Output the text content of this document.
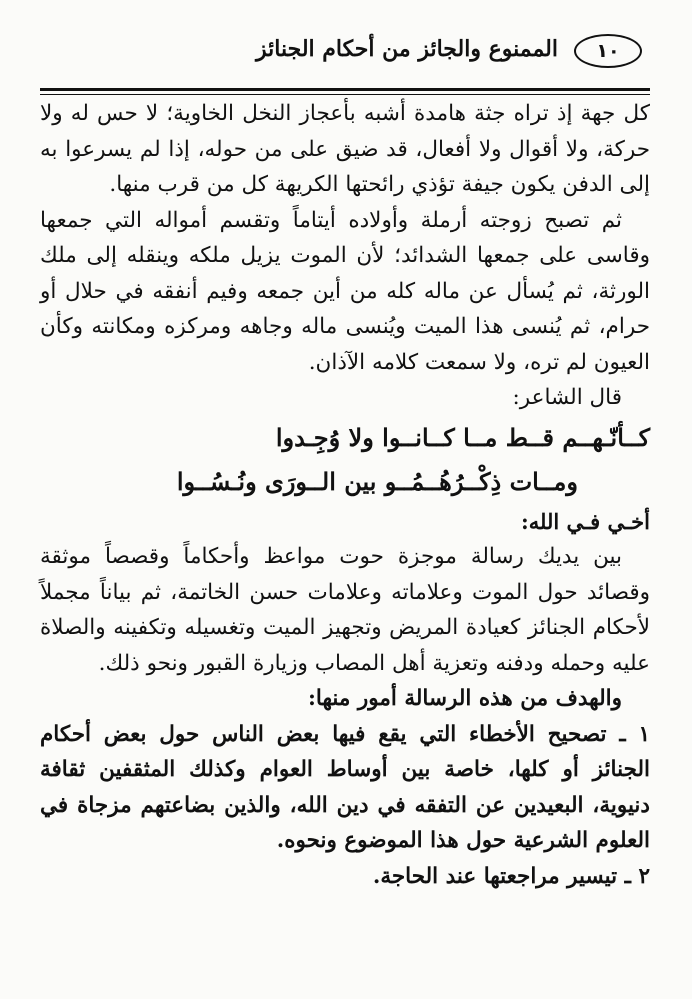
١٠
الممنوع والجائز من أحكام الجنائز

كل جهة إذ تراه جثة هامدة أشبه بأعجاز النخل الخاوية؛ لا حس له ولا حركة، ولا أقوال ولا أفعال، قد ضيق على من حوله، إذا لم يسرعوا به إلى الدفن يكون جيفة تؤذي رائحتها الكريهة كل من قرب منها.

ثم تصبح زوجته أرملة وأولاده أيتاماً وتقسم أمواله التي جمعها وقاسى على جمعها الشدائد؛ لأن الموت يزيل ملكه وينقله إلى ملك الورثة، ثم يُسأل عن ماله كله من أين جمعه وفيم أنفقه في حلال أو حرام، ثم يُنسى هذا الميت ويُنسى ماله وجاهه ومركزه ومكانته وكأن العيون لم تره، ولا سمعت كلامه الآذان.

قال الشاعر:

كــأنّـهــم قــط مــا كــانــوا ولا وُجِـدوا
ومــات ذِكْــرُهُــمُــو بين الــورَى ونُـسُــوا

أخـي فـي الله:

بين يديك رسالة موجزة حوت مواعظ وأحكاماً وقصصاً موثقة وقصائد حول الموت وعلاماته وعلامات حسن الخاتمة، ثم بياناً مجملاً لأحكام الجنائز كعيادة المريض وتجهيز الميت وتغسيله وتكفينه والصلاة عليه وحمله ودفنه وتعزية أهل المصاب وزيارة القبور ونحو ذلك.

والهدف من هذه الرسالة أمور منها:

١ ـ تصحيح الأخطاء التي يقع فيها بعض الناس حول بعض أحكام الجنائز أو كلها، خاصة بين أوساط العوام وكذلك المثقفين ثقافة دنيوية، البعيدين عن التفقه في دين الله، والذين بضاعتهم مزجاة في العلوم الشرعية حول هذا الموضوع ونحوه.

٢ ـ تيسير مراجعتها عند الحاجة.
